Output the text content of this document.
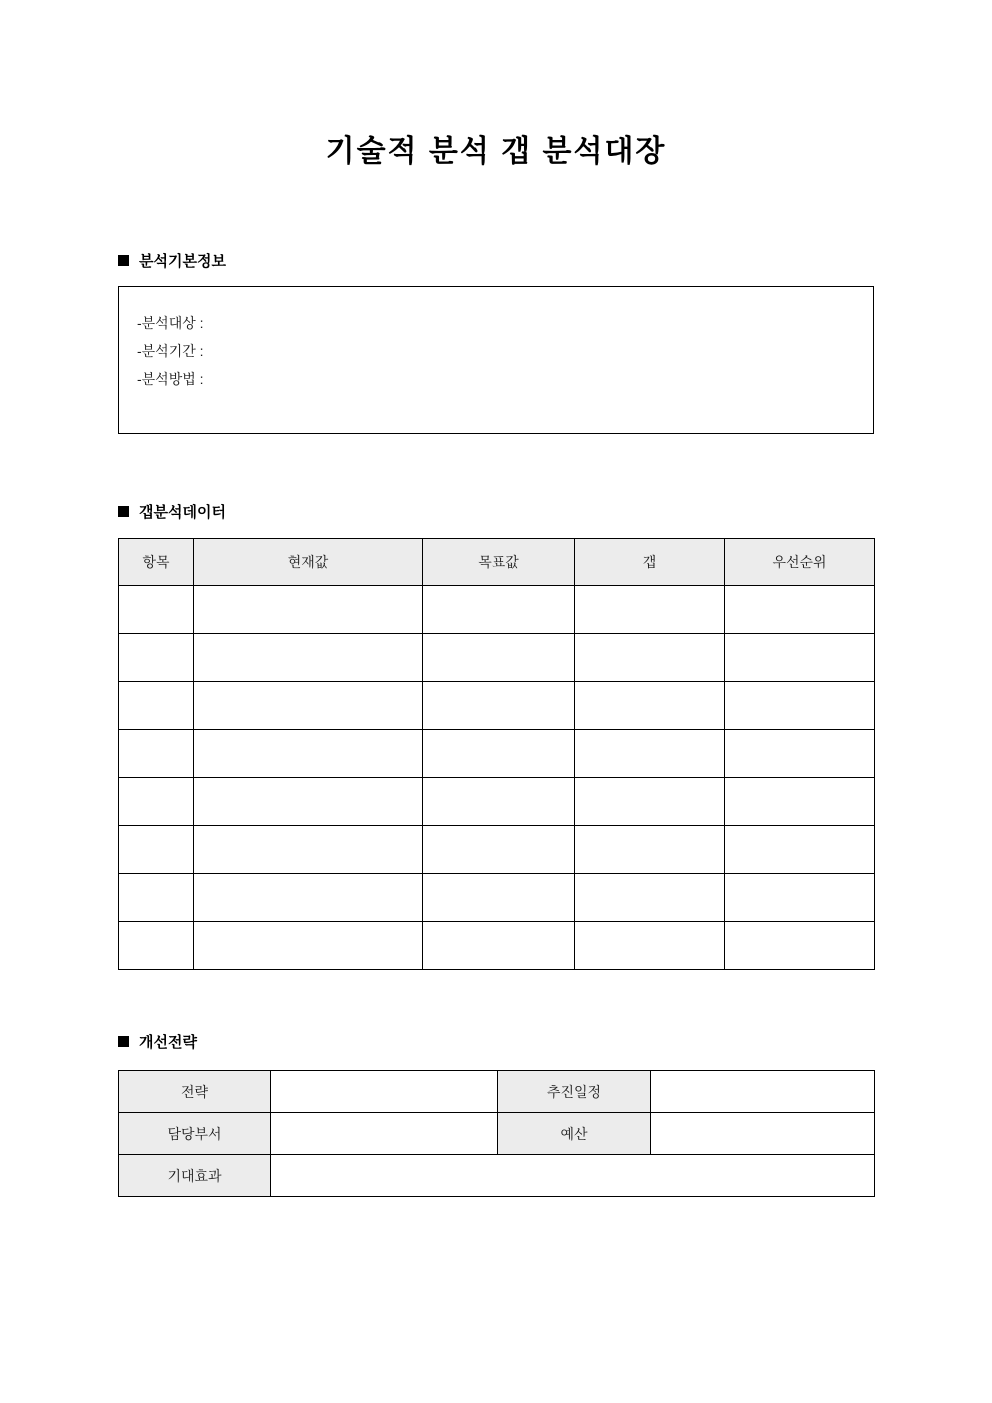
기술적 분석 갭 분석대장
분석기본정보
-분석대상 :
-분석기간 :
-분석방법 :
갭분석데이터
항목	현재값	목표값	갭	우선순위

개선전략
전략		추진일정	
담당부서		예산	
기대효과			
